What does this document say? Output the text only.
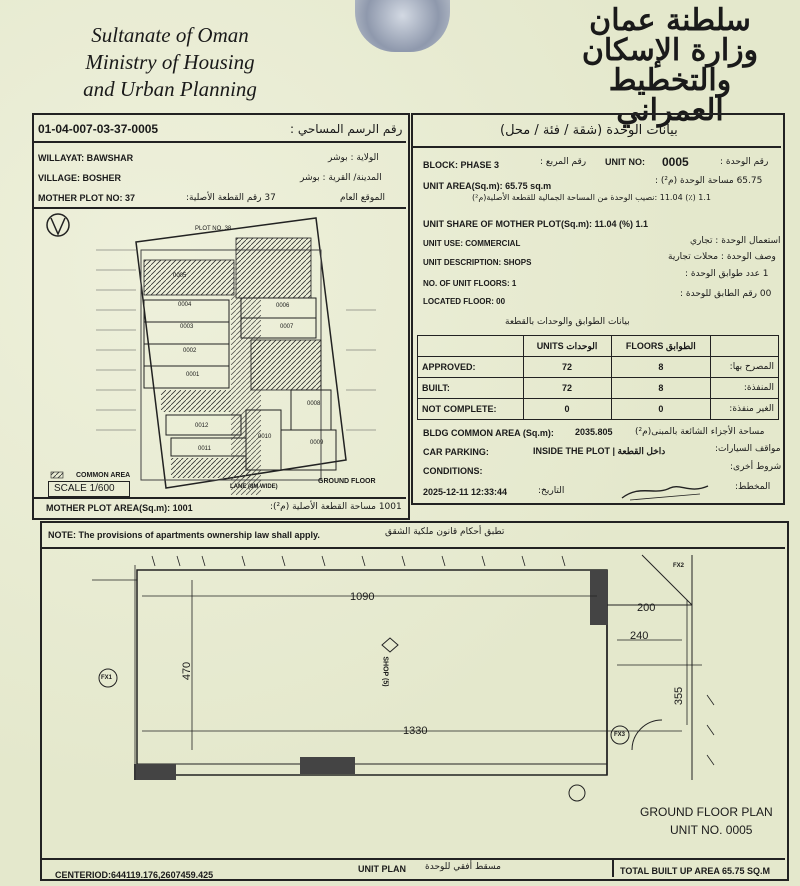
Sultanate of Oman
Ministry of Housing
and Urban Planning
سلطنة عمان
وزارة الإسكان
والتخطيط العمراني
01-04-007-03-37-0005	رقم الرسم المساحي :
WILLAYAT: BAWSHAR	الولاية : بوشر
VILLAGE: BOSHER	المدينة/ القرية : بوشر
MOTHER PLOT NO: 37	37 رقم القطعة الأصلية:	الموقع العام
PLOT NO. 38
0005
0004
0003
0002
0001
0006
0007
0008
0009
0010
0011
0012
COMMON AREA
GROUND FLOOR
LANE (8M WIDE)
SCALE 1/600
MOTHER PLOT AREA(Sq.m): 1001	1001 مساحة القطعة الأصلية (م²):
بيانات الوحدة (شقة / فئة / محل)
BLOCK: PHASE 3	رقم المربع : UNIT NO: 0005	رقم الوحدة :
UNIT AREA(Sq.m): 65.75 sq.m	65.75 مساحة الوحدة (م²) :
1.1 (٪) 11.04 :نصيب الوحدة من المساحة الجمالية للقطعة الأصلية(م²)
UNIT SHARE OF MOTHER PLOT(Sq.m): 11.04 (%) 1.1
UNIT USE: COMMERCIAL	استعمال الوحدة : تجاري
UNIT DESCRIPTION: SHOPS
وصف الوحدة : محلات تجارية
NO. OF UNIT FLOORS: 1
1 عدد طوابق الوحدة :
LOCATED FLOOR: 00
00 رقم الطابق للوحدة :
بيانات الطوابق والوحدات بالقطعة
	UNITS الوحدات	FLOORS الطوابق	
APPROVED:	72	8	المصرح بها:
BUILT:	72	8	المنفذة:
NOT COMPLETE:	0	0	الغير منفذة:
BLDG COMMON AREA (Sq.m): 2035.805 مساحة الأجزاء الشائعة بالمبنى(م²)
CAR PARKING:	INSIDE THE PLOT | داخل القطعة	مواقف السيارات:
CONDITIONS:	شروط أخرى:
2025-12-11 12:33:44	التاريخ:	المخطط:
NOTE: The provisions of apartments ownership law shall apply.	تطبق أحكام قانون ملكية الشقق
1090
1330
470
200
240
355
SHOP (5)
FX1
FX3
FX2
GROUND FLOOR PLAN
UNIT NO. 0005
CENTERIOD:644119.176,2607459.425
UNIT PLAN مسقط أفقي للوحدة	TOTAL BUILT UP AREA 65.75 SQ.M
